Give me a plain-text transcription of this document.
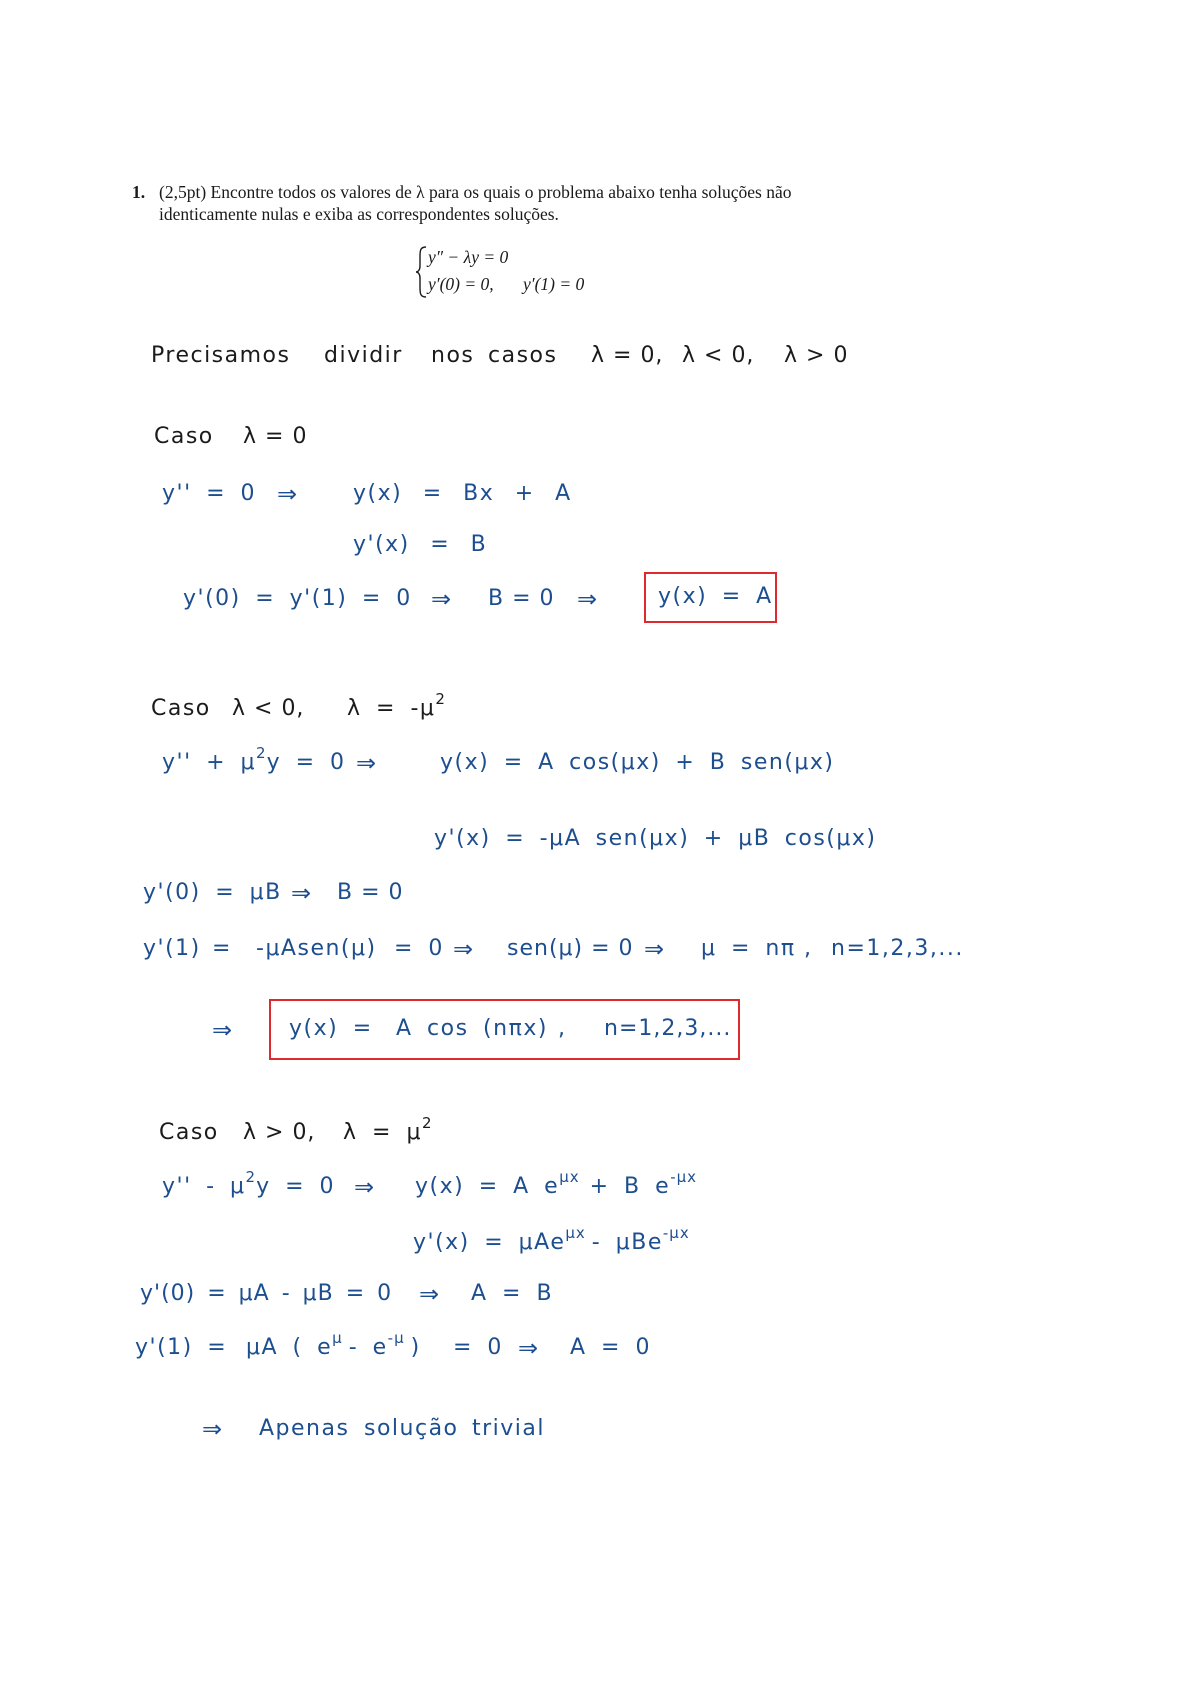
1. (2,5pt) Encontre todos os valores de λ para os quais o problema abaixo tenha soluções não
identicamente nulas e exiba as correspondentes soluções.
y″ − λy = 0
y′(0) = 0, y′(1) = 0
Precisamos dividir nos casos λ = 0, λ < 0, λ > 0
Caso λ = 0
y'' = 0 ⇒	y(x) = Bx + A
y'(x) = B
y'(0) = y'(1) = 0 ⇒ B = 0 ⇒	y(x) = A
Caso λ < 0, $\lambda = -\mu^2$
$y'' + \mu^2y = 0$ ⇒	y(x) = A cos(μx) + B sen(μx)
y'(x) = -μA sen(μx) + μB cos(μx)
y'(0) = μB ⇒ B = 0
y'(1) = -μAsen(μ) = 0 ⇒ sen(μ) = 0 ⇒ μ = nπ , n=1,2,3,...
⇒	y(x) = A cos (nπx) , n=1,2,3,...
Caso λ > 0, $\lambda = \mu^2$
$y'' - \mu^2y = 0$ ⇒ y(x) = A $e^{\mu x} + B$ $e^{-\mu x}$
y'(x) = μAe$^{\mu x}$ - μBe$^{-\mu x}$
y'(0) = μA - μB = 0 ⇒ A = B
y'(1) = μA ( $e^\mu - e^{-\mu}$ ) = 0 ⇒ A = 0
⇒ Apenas solução trivial
